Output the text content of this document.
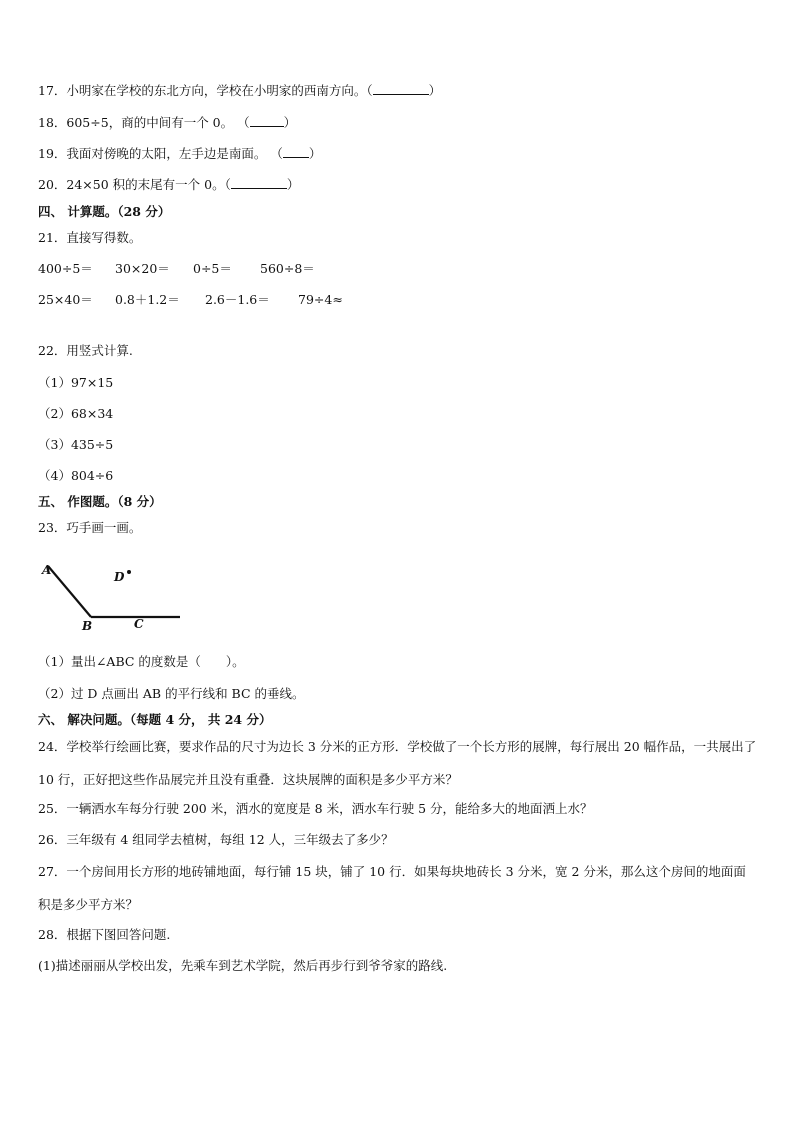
17．小明家在学校的东北方向，学校在小明家的西南方向。（	）
18．605÷5，商的中间有一个 0。 （	）
19．我面对傍晚的太阳，左手边是南面。 （ ）
20．24×50 积的末尾有一个 0。（	）
四、 计算题。（28 分）
21．直接写得数。
400÷5＝ 30×20＝ 0÷5＝ 560÷8＝
25×40＝ 0.8＋1.2＝ 2.6－1.6＝ 79÷4≈
22．用竖式计算.
（1）97×15
（2）68×34
（3）435÷5
（4）804÷6
五、 作图题。（8 分）
23．巧手画一画。
A
B	C
D
（1）量出∠ABC 的度数是（　　）。
（2）过 D 点画出 AB 的平行线和 BC 的垂线。
六、 解决问题。（每题 4 分， 共 24 分）
24．学校举行绘画比赛，要求作品的尺寸为边长 3 分米的正方形．学校做了一个长方形的展牌，每行展出 20 幅作品，一共展出了 10 行，正好把这些作品展完并且没有重叠．这块展牌的面积是多少平方米？
25．一辆洒水车每分行驶 200 米，洒水的宽度是 8 米，洒水车行驶 5 分，能给多大的地面洒上水？
26．三年级有 4 组同学去植树，每组 12 人，三年级去了多少？
27．一个房间用长方形的地砖铺地面，每行铺 15 块，铺了 10 行．如果每块地砖长 3 分米，宽 2 分米，那么这个房间的地面面积是多少平方米？
28．根据下图回答问题.
(1)描述丽丽从学校出发，先乘车到艺术学院，然后再步行到爷爷家的路线.
